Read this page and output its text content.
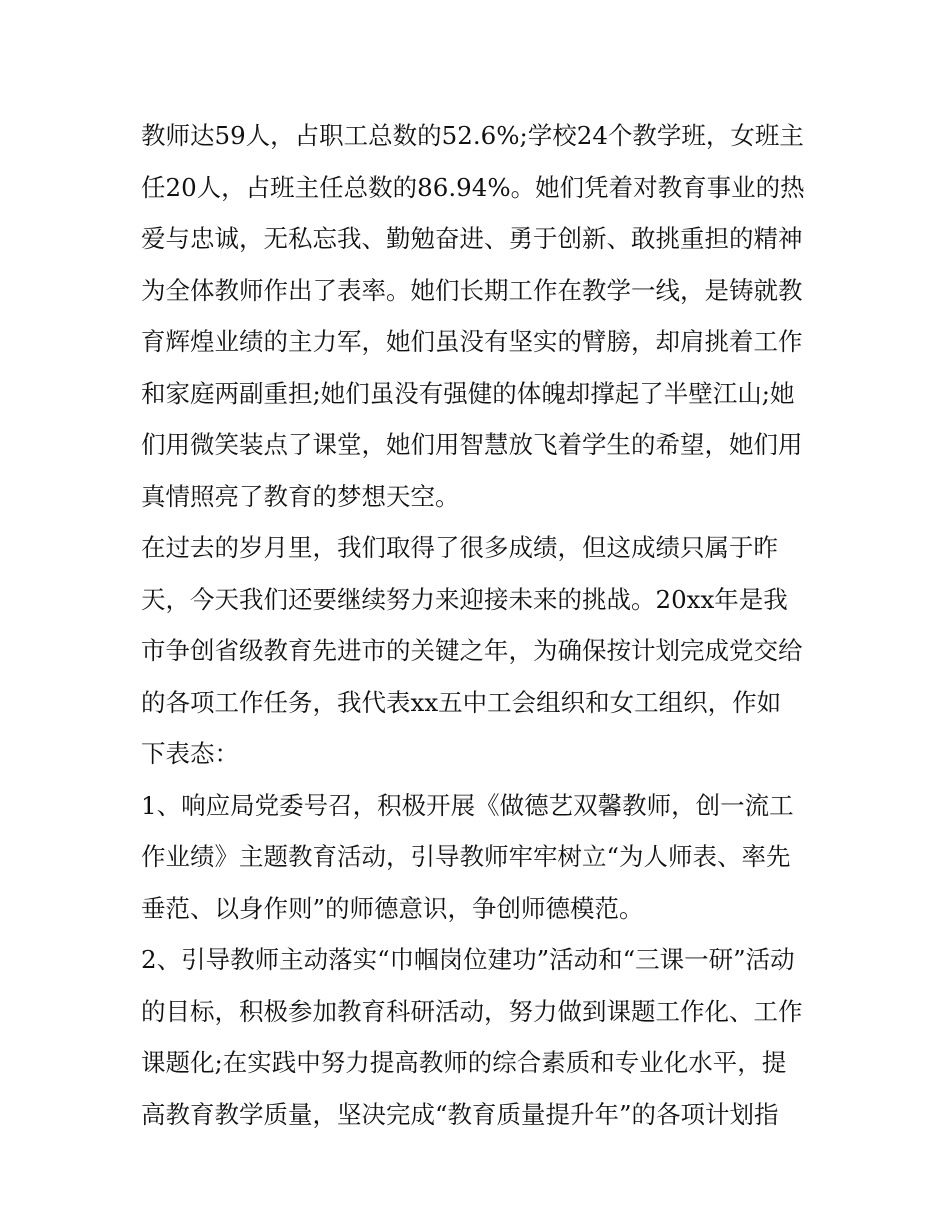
教师达59人，占职工总数的52.6%;学校24个教学班，女班主
任20人，占班主任总数的86.94%。她们凭着对教育事业的热
爱与忠诚，无私忘我、勤勉奋进、勇于创新、敢挑重担的精神
为全体教师作出了表率。她们长期工作在教学一线，是铸就教
育辉煌业绩的主力军，她们虽没有坚实的臂膀，却肩挑着工作
和家庭两副重担;她们虽没有强健的体魄却撑起了半壁江山;她
们用微笑装点了课堂，她们用智慧放飞着学生的希望，她们用
真情照亮了教育的梦想天空。

在过去的岁月里，我们取得了很多成绩，但这成绩只属于昨
天，今天我们还要继续努力来迎接未来的挑战。20xx年是我
市争创省级教育先进市的关键之年，为确保按计划完成党交给
的各项工作任务，我代表xx五中工会组织和女工组织，作如
下表态：

1、响应局党委号召，积极开展《做德艺双馨教师，创一流工
作业绩》主题教育活动，引导教师牢牢树立“为人师表、率先
垂范、以身作则”的师德意识，争创师德模范。

2、引导教师主动落实“巾帼岗位建功”活动和“三课一研”活动
的目标，积极参加教育科研活动，努力做到课题工作化、工作
课题化;在实践中努力提高教师的综合素质和专业化水平，提
高教育教学质量，坚决完成“教育质量提升年”的各项计划指
